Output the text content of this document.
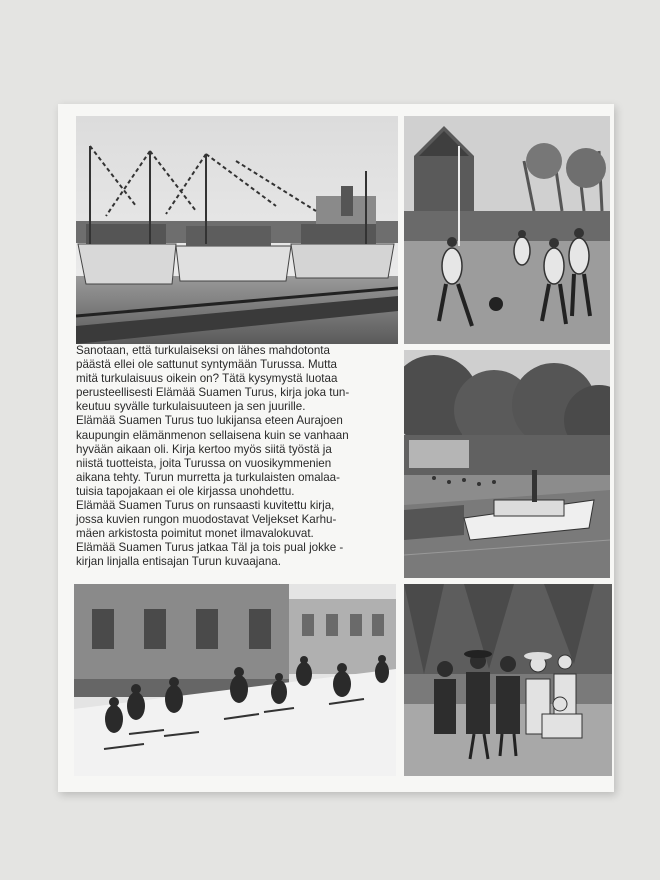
Sanotaan, että turkulaiseksi on lähes mahdotonta
päästä ellei ole sattunut syntymään Turussa. Mutta
mitä turkulaisuus oikein on? Tätä kysymystä luotaa
perusteellisesti Elämää Suamen Turus, kirja joka tun-
keutuu syvälle turkulaisuuteen ja sen juurille.
Elämää Suamen Turus tuo lukijansa eteen Aurajoen
kaupungin elämänmenon sellaisena kuin se vanhaan
hyvään aikaan oli. Kirja kertoo myös siitä työstä ja
niistä tuotteista, joita Turussa on vuosikymmenien
aikana tehty. Turun murretta ja turkulaisten omalaa-
tuisia tapojakaan ei ole kirjassa unohdettu.
Elämää Suamen Turus on runsaasti kuvitettu kirja,
jossa kuvien rungon muodostavat Veljekset Karhu-
mäen arkistosta poimitut monet ilmavalokuvat.
Elämää Suamen Turus jatkaa Täl ja tois pual jokke -
kirjan linjalla entisajan Turun kuvaajana.
